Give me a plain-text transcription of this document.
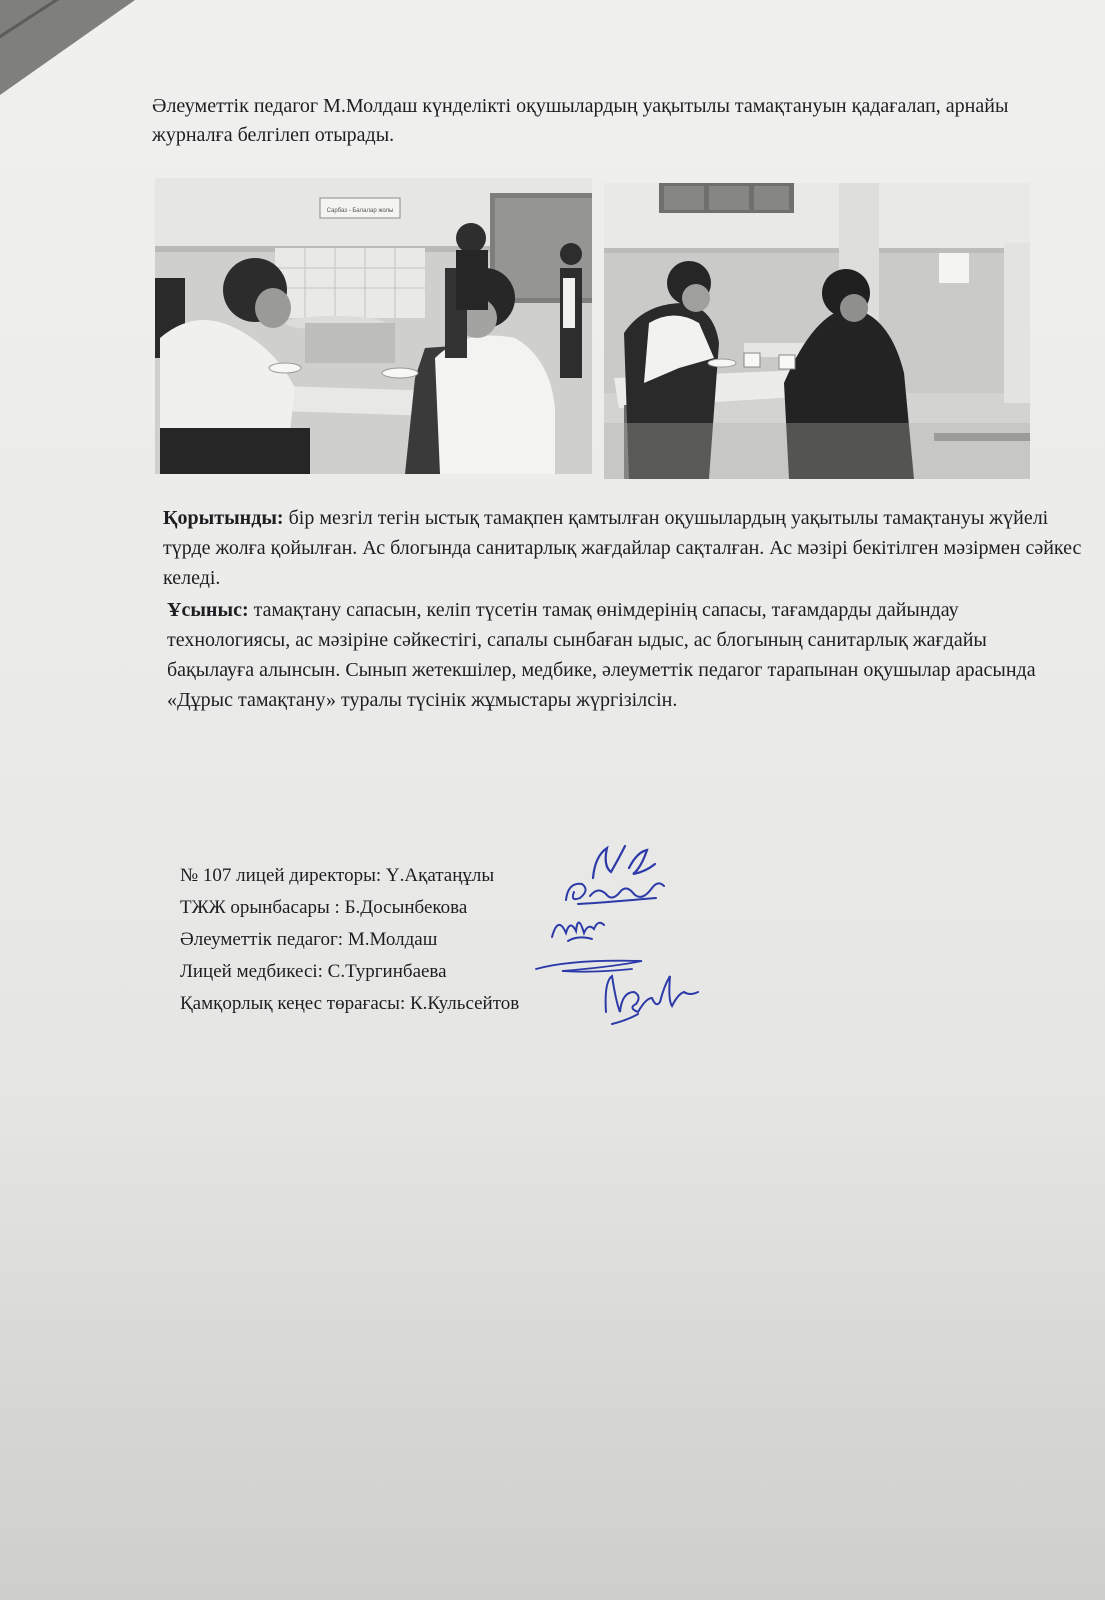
Әлеуметтік педагог М.Молдаш күнделікті оқушылардың уақытылы тамақтануын қадағалап, арнайы журналға белгілеп отырады.

Сарбаз - Балалар жолы
Қорытынды: бір мезгіл тегін ыстық тамақпен қамтылған оқушылардың уақытылы тамақтануы жүйелі түрде жолға қойылған. Ас блогында санитарлық жағдайлар сақталған. Ас мәзірі бекітілген мәзірмен сәйкес келеді.
Ұсыныс: тамақтану сапасын, келіп түсетін тамақ өнімдерінің сапасы, тағамдарды дайындау технологиясы, ас мәзіріне сәйкестігі, сапалы сынбаған ыдыс, ас блогының санитарлық жағдайы бақылауға алынсын. Сынып жетекшілер, медбике, әлеуметтік педагог тарапынан оқушылар арасында «Дұрыс тамақтану» туралы түсінік жұмыстары жүргізілсін.
№ 107 лицей директоры: Ү.Ақатаңұлы
ТЖЖ орынбасары : Б.Досынбекова
Әлеуметтік педагог: М.Молдаш
Лицей медбикесі: С.Тургинбаева
Қамқорлық кеңес төрағасы: К.Кульсейтов
